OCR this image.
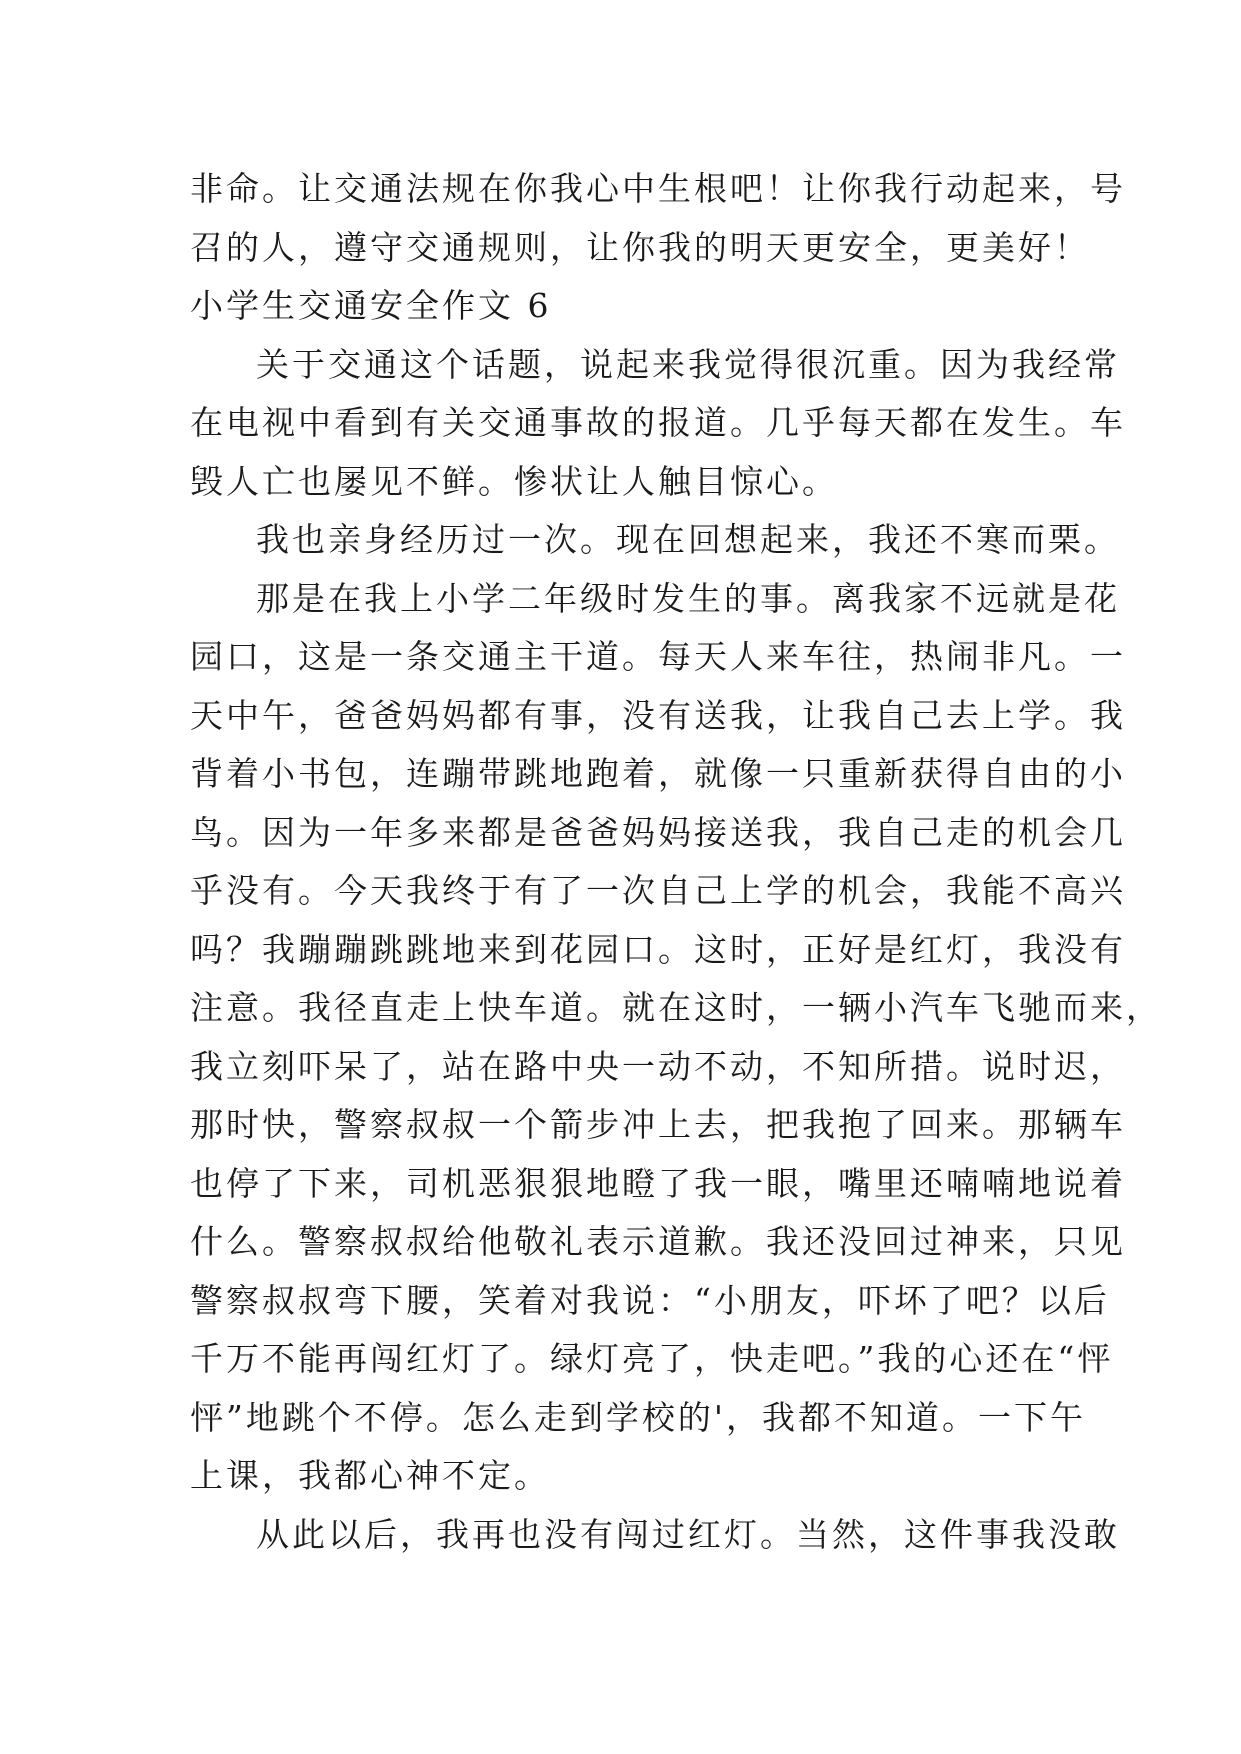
非命。让交通法规在你我心中生根吧！让你我行动起来，号
召的人，遵守交通规则，让你我的明天更安全，更美好！
小学生交通安全作文 6
关于交通这个话题，说起来我觉得很沉重。因为我经常
在电视中看到有关交通事故的报道。几乎每天都在发生。车
毁人亡也屡见不鲜。惨状让人触目惊心。
我也亲身经历过一次。现在回想起来，我还不寒而栗。
那是在我上小学二年级时发生的事。离我家不远就是花
园口，这是一条交通主干道。每天人来车往，热闹非凡。一
天中午，爸爸妈妈都有事，没有送我，让我自己去上学。我
背着小书包，连蹦带跳地跑着，就像一只重新获得自由的小
鸟。因为一年多来都是爸爸妈妈接送我，我自己走的机会几
乎没有。今天我终于有了一次自己上学的机会，我能不高兴
吗？我蹦蹦跳跳地来到花园口。这时，正好是红灯，我没有
注意。我径直走上快车道。就在这时，一辆小汽车飞驰而来，
我立刻吓呆了，站在路中央一动不动，不知所措。说时迟，
那时快，警察叔叔一个箭步冲上去，把我抱了回来。那辆车
也停了下来，司机恶狠狠地瞪了我一眼，嘴里还喃喃地说着
什么。警察叔叔给他敬礼表示道歉。我还没回过神来，只见
警察叔叔弯下腰，笑着对我说：“小朋友，吓坏了吧？以后
千万不能再闯红灯了。绿灯亮了，快走吧。”我的心还在“怦
怦”地跳个不停。怎么走到学校的'，我都不知道。一下午
上课，我都心神不定。
从此以后，我再也没有闯过红灯。当然，这件事我没敢
